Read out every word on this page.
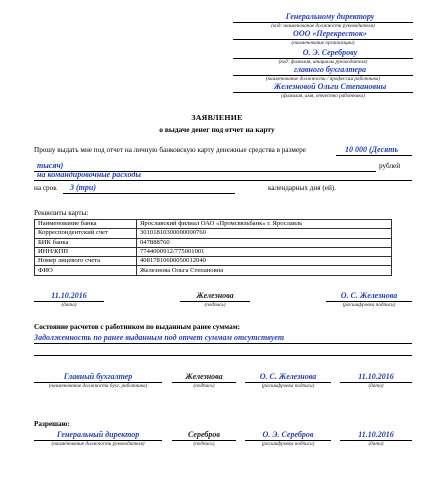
Генеральному директору
(код: наименование должности руководителя)
ООО «Перекресток»
(наименование организации)
О. Э. Сереброву
(код: фамилия, инициалы руководителя)
главного бухгалтера
(наименование должности / профессии работника)
Железновой Ольги Степановны
(фамилия, имя, отчество работника)
ЗАЯВЛЕНИЕ
о выдаче денег под отчет на карту
Прошу выдать мне под отчет на личную банковскую карту денежные средства в размере	10 000 (Десять
тысяч)	рублей
на командировочные расходы
на срок 3 (три)	календарных дня (ей).
Реквизиты карты:
Наименование банка	Ярославский филиал ОАО «Промсвязьбанк» г. Ярославль
Корреспондентский счет	30101810300000000760
БИК банка	047888760
ИНН/КПП	7744000912/775001001
Номер лицевого счета	40817810600050012040
ФИО	Железнова Ольга Степановна
11.10.2016
(дата)
Железнова
(подпись)
О. С. Железнова
(расшифровка подписи)
Состояние расчетов с работником по выданным ранее суммам:
Задолженность по ранее выданным под отчет суммам отсутствует
Главный бухгалтер
(наименование должности бухг. работника)
Железнова
(подпись)
О. С. Железнова
(расшифровка подписи)
11.10.2016
(дата)
Разрешаю:
Генеральный директор
(наименование должности руководителя)
Серебров
(подпись)
О. Э. Серебров
(расшифровка подписи)
11.10.2016
(дата)
